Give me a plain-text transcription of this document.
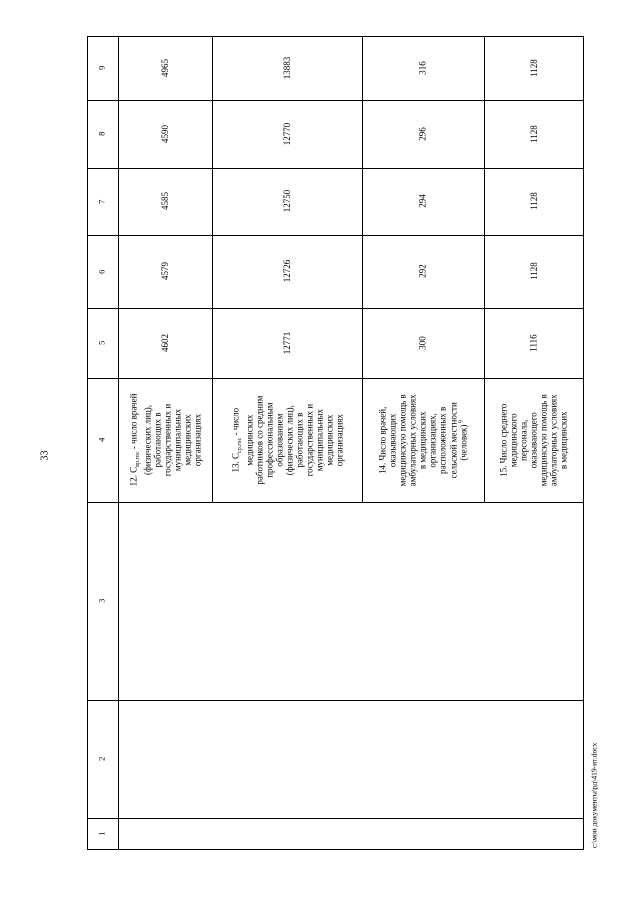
33
1
2
3
4
5
6
7
8
9
12. $С_{вр.гос}$ - число врачей (физических лиц),
работающих в
государственных и
муниципальных
медицинских
организациях
4602
4579
4585
4590
4965
13. $С_{ср.гос}$ - число медицинских
работников со средним
профессиональным
образованием
(физических лиц),
работающих в
государственных и
муниципальных
медицинских
организациях
12771
12726
12750
12770
13883
14. Число врачей,
оказывающих
медицинскую помощь в
амбулаторных условиях
в медицинских
организациях,
расположенных в
сельской местности
(человек) $^9$
300
292
294
296
316
15. Число среднего
медицинского
персонала,
оказывающего
медицинскую помощь в
амбулаторных условиях
в медицинских
1116
1128
1128
1128
1128
c:\мои документы\рд\419-ит.docx
